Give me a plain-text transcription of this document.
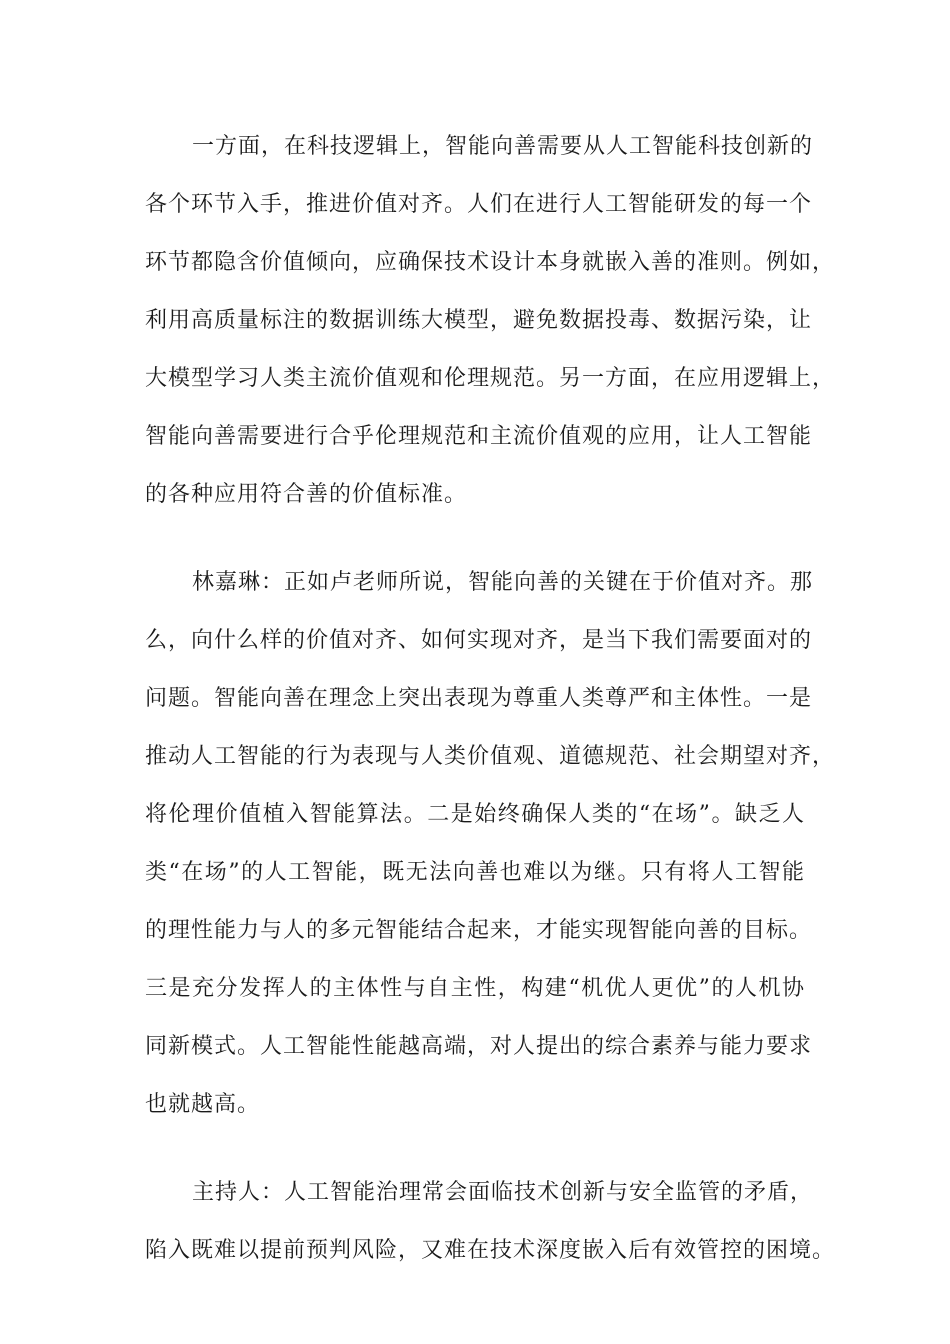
一方面，在科技逻辑上，智能向善需要从人工智能科技创新的
各个环节入手，推进价值对齐。人们在进行人工智能研发的每一个
环节都隐含价值倾向，应确保技术设计本身就嵌入善的准则。例如，
利用高质量标注的数据训练大模型，避免数据投毒、数据污染，让
大模型学习人类主流价值观和伦理规范。另一方面，在应用逻辑上，
智能向善需要进行合乎伦理规范和主流价值观的应用，让人工智能
的各种应用符合善的价值标准。
林嘉琳：正如卢老师所说，智能向善的关键在于价值对齐。那
么，向什么样的价值对齐、如何实现对齐，是当下我们需要面对的
问题。智能向善在理念上突出表现为尊重人类尊严和主体性。一是
推动人工智能的行为表现与人类价值观、道德规范、社会期望对齐，
将伦理价值植入智能算法。二是始终确保人类的“在场”。缺乏人
类“在场”的人工智能，既无法向善也难以为继。只有将人工智能
的理性能力与人的多元智能结合起来，才能实现智能向善的目标。
三是充分发挥人的主体性与自主性，构建“机优人更优”的人机协
同新模式。人工智能性能越高端，对人提出的综合素养与能力要求
也就越高。
主持人：人工智能治理常会面临技术创新与安全监管的矛盾，
陷入既难以提前预判风险，又难在技术深度嵌入后有效管控的困境。
